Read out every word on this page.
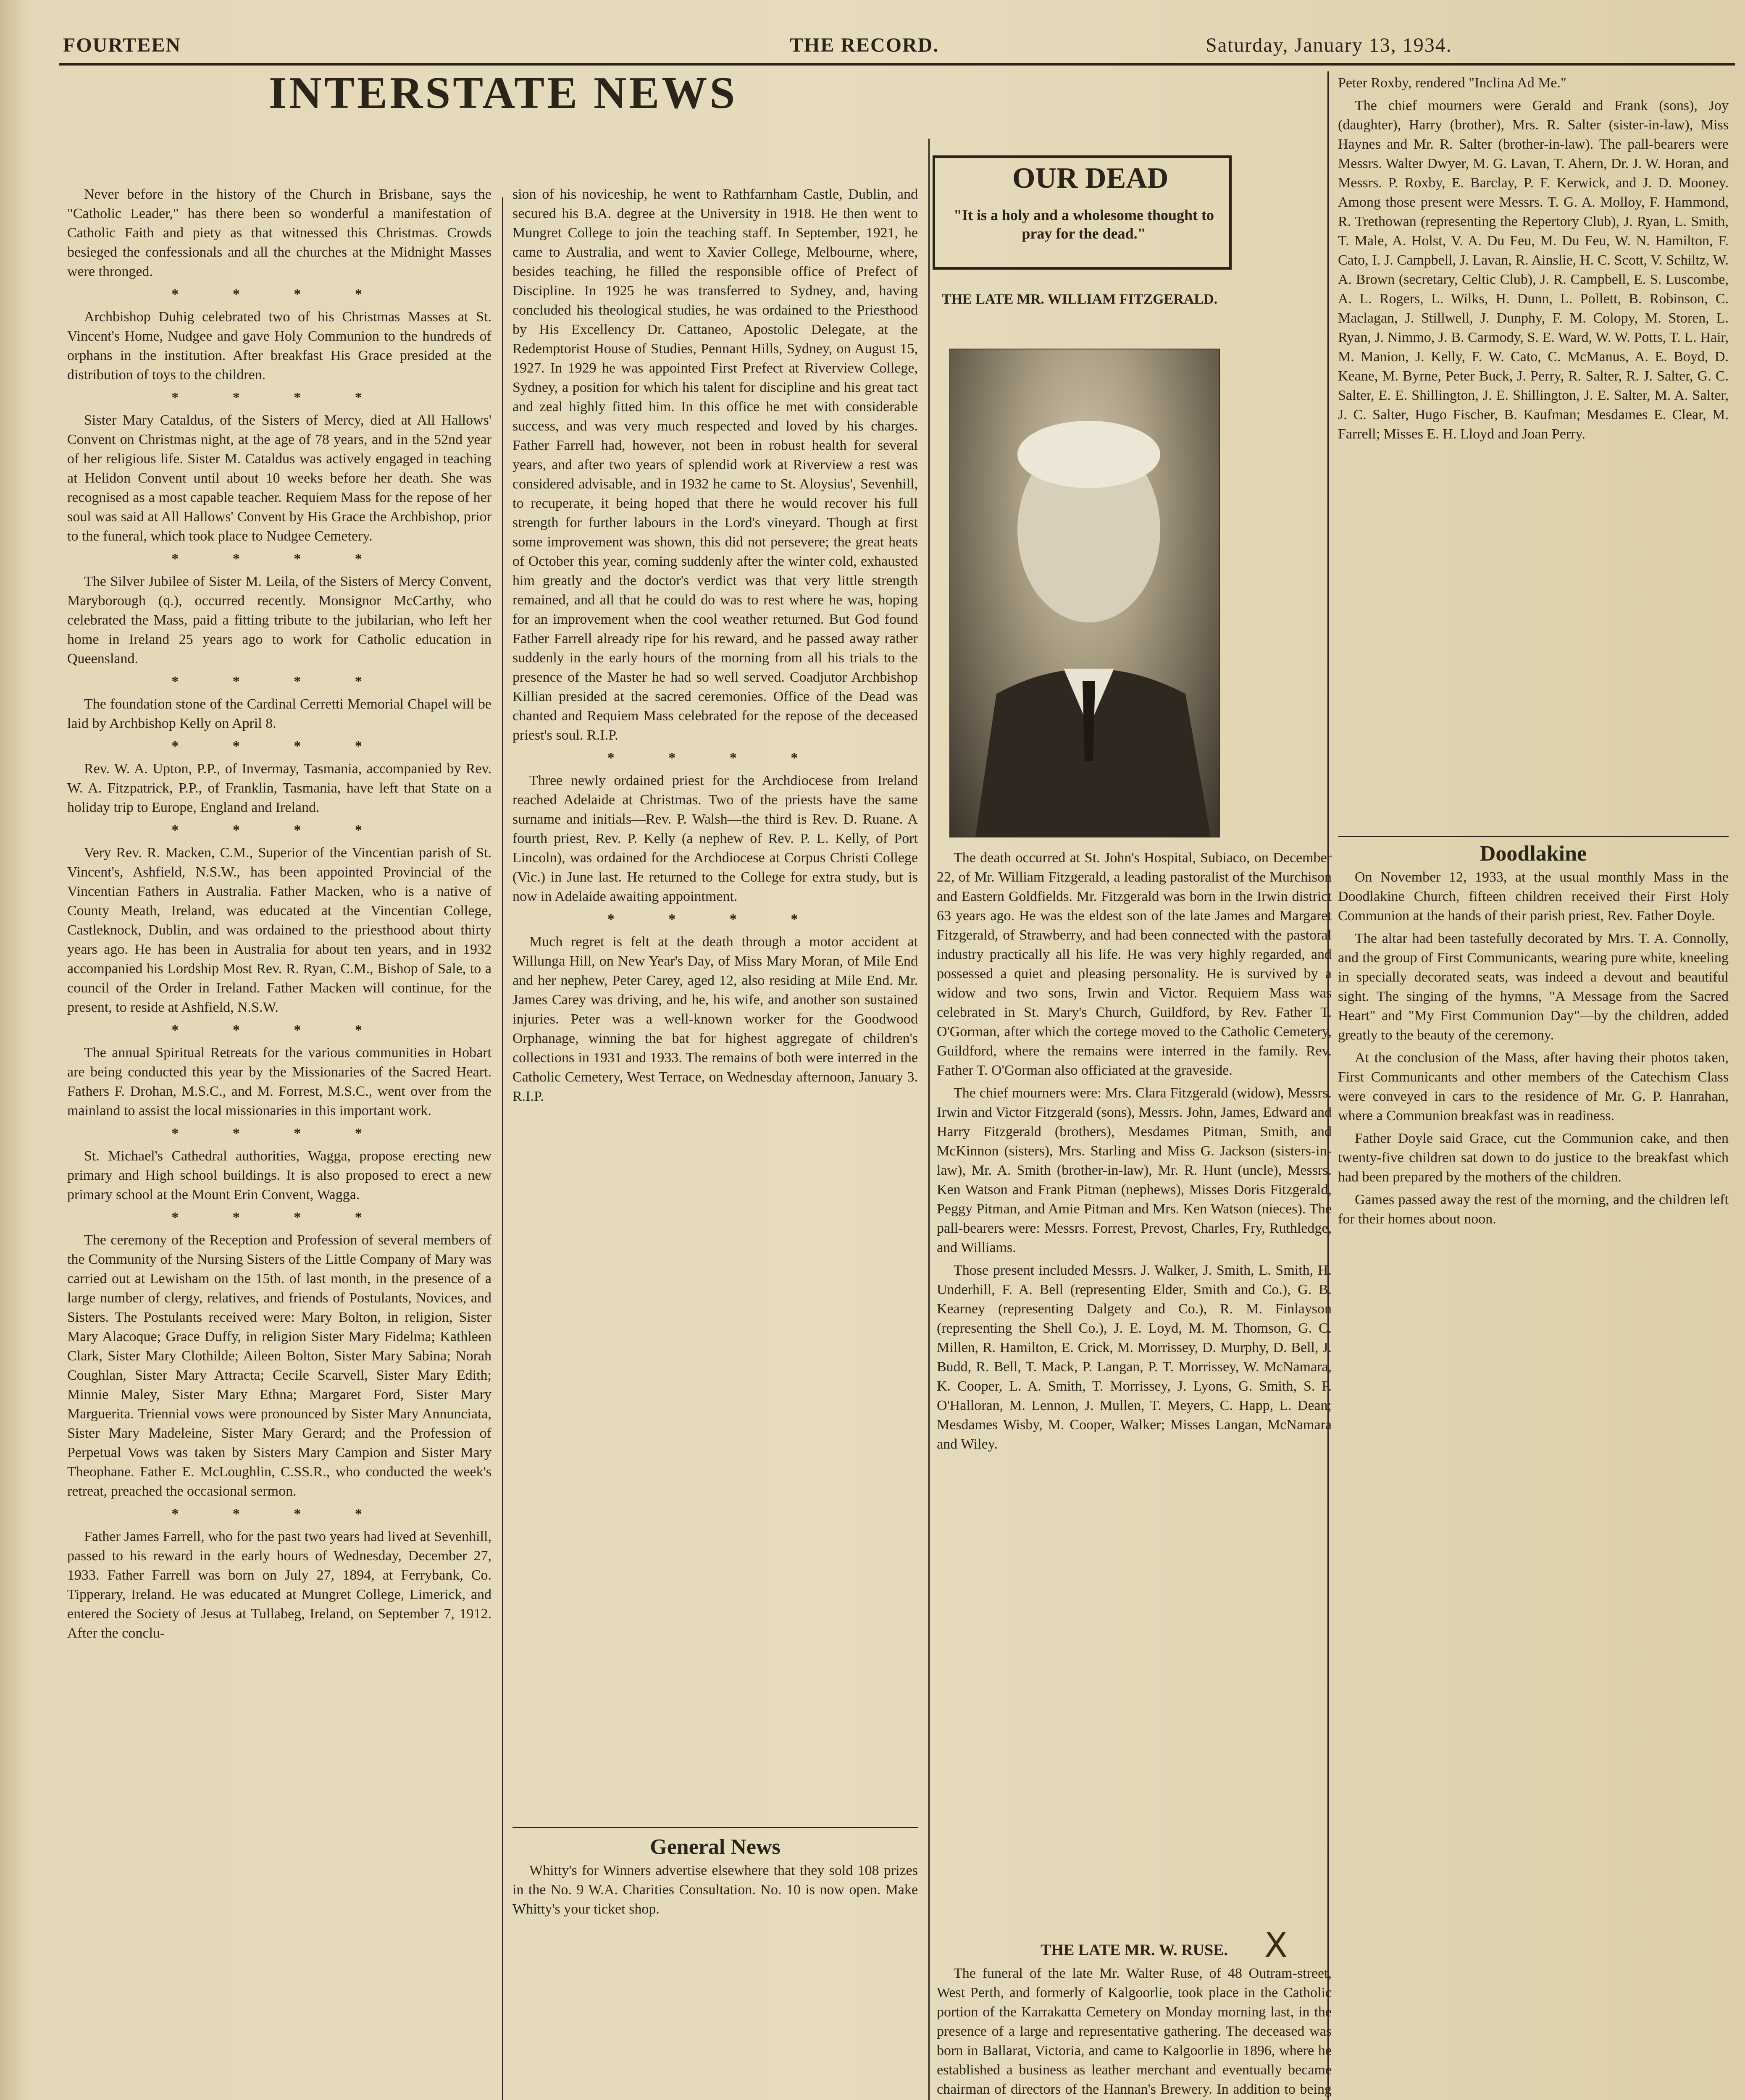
FOURTEEN	THE RECORD.	Saturday, January 13, 1934.
INTERSTATE NEWS

Never before in the history of the Church in Brisbane, says the "Catholic Leader," has there been so wonderful a manifestation of Catholic Faith and piety as that witnessed this Christmas. Crowds besieged the confessionals and all the churches at the Midnight Masses were thronged.

* * * *

Archbishop Duhig celebrated two of his Christmas Masses at St. Vincent's Home, Nudgee and gave Holy Communion to the hundreds of orphans in the institution. After breakfast His Grace presided at the distribution of toys to the children.

* * * *

Sister Mary Cataldus, of the Sisters of Mercy, died at All Hallows' Convent on Christmas night, at the age of 78 years, and in the 52nd year of her religious life. Sister M. Cataldus was actively engaged in teaching at Helidon Convent until about 10 weeks before her death. She was recognised as a most capable teacher. Requiem Mass for the repose of her soul was said at All Hallows' Convent by His Grace the Archbishop, prior to the funeral, which took place to Nudgee Cemetery.

* * * *

The Silver Jubilee of Sister M. Leila, of the Sisters of Mercy Convent, Maryborough (q.), occurred recently. Monsignor McCarthy, who celebrated the Mass, paid a fitting tribute to the jubilarian, who left her home in Ireland 25 years ago to work for Catholic education in Queensland.

* * * *

The foundation stone of the Cardinal Cerretti Memorial Chapel will be laid by Archbishop Kelly on April 8.

* * * *

Rev. W. A. Upton, P.P., of Invermay, Tasmania, accompanied by Rev. W. A. Fitzpatrick, P.P., of Franklin, Tasmania, have left that State on a holiday trip to Europe, England and Ireland.

* * * *

Very Rev. R. Macken, C.M., Superior of the Vincentian parish of St. Vincent's, Ashfield, N.S.W., has been appointed Provincial of the Vincentian Fathers in Australia. Father Macken, who is a native of County Meath, Ireland, was educated at the Vincentian College, Castleknock, Dublin, and was ordained to the priesthood about thirty years ago. He has been in Australia for about ten years, and in 1932 accompanied his Lordship Most Rev. R. Ryan, C.M., Bishop of Sale, to a council of the Order in Ireland. Father Macken will continue, for the present, to reside at Ashfield, N.S.W.

* * * *

The annual Spiritual Retreats for the various communities in Hobart are being conducted this year by the Missionaries of the Sacred Heart. Fathers F. Drohan, M.S.C., and M. Forrest, M.S.C., went over from the mainland to assist the local missionaries in this important work.

* * * *

St. Michael's Cathedral authorities, Wagga, propose erecting new primary and High school buildings. It is also proposed to erect a new primary school at the Mount Erin Convent, Wagga.

* * * *

The ceremony of the Reception and Profession of several members of the Community of the Nursing Sisters of the Little Company of Mary was carried out at Lewisham on the 15th. of last month, in the presence of a large number of clergy, relatives, and friends of Postulants, Novices, and Sisters. The Postulants received were: Mary Bolton, in religion, Sister Mary Alacoque; Grace Duffy, in religion Sister Mary Fidelma; Kathleen Clark, Sister Mary Clothilde; Aileen Bolton, Sister Mary Sabina; Norah Coughlan, Sister Mary Attracta; Cecile Scarvell, Sister Mary Edith; Minnie Maley, Sister Mary Ethna; Margaret Ford, Sister Mary Marguerita. Triennial vows were pronounced by Sister Mary Annunciata, Sister Mary Madeleine, Sister Mary Gerard; and the Profession of Perpetual Vows was taken by Sisters Mary Campion and Sister Mary Theophane. Father E. McLoughlin, C.SS.R., who conducted the week's retreat, preached the occasional sermon.

* * * *

Father James Farrell, who for the past two years had lived at Sevenhill, passed to his reward in the early hours of Wednesday, December 27, 1933. Father Farrell was born on July 27, 1894, at Ferrybank, Co. Tipperary, Ireland. He was educated at Mungret College, Limerick, and entered the Society of Jesus at Tullabeg, Ireland, on September 7, 1912. After the conclu-

sion of his noviceship, he went to Rathfarnham Castle, Dublin, and secured his B.A. degree at the University in 1918. He then went to Mungret College to join the teaching staff. In September, 1921, he came to Australia, and went to Xavier College, Melbourne, where, besides teaching, he filled the responsible office of Prefect of Discipline. In 1925 he was transferred to Sydney, and, having concluded his theological studies, he was ordained to the Priesthood by His Excellency Dr. Cattaneo, Apostolic Delegate, at the Redemptorist House of Studies, Pennant Hills, Sydney, on August 15, 1927. In 1929 he was appointed First Prefect at Riverview College, Sydney, a position for which his talent for discipline and his great tact and zeal highly fitted him. In this office he met with considerable success, and was very much respected and loved by his charges. Father Farrell had, however, not been in robust health for several years, and after two years of splendid work at Riverview a rest was considered advisable, and in 1932 he came to St. Aloysius', Sevenhill, to recuperate, it being hoped that there he would recover his full strength for further labours in the Lord's vineyard. Though at first some improvement was shown, this did not persevere; the great heats of October this year, coming suddenly after the winter cold, exhausted him greatly and the doctor's verdict was that very little strength remained, and all that he could do was to rest where he was, hoping for an improvement when the cool weather returned. But God found Father Farrell already ripe for his reward, and he passed away rather suddenly in the early hours of the morning from all his trials to the presence of the Master he had so well served. Coadjutor Archbishop Killian presided at the sacred ceremonies. Office of the Dead was chanted and Requiem Mass celebrated for the repose of the deceased priest's soul. R.I.P.

* * * *

Three newly ordained priest for the Archdiocese from Ireland reached Adelaide at Christmas. Two of the priests have the same surname and initials—Rev. P. Walsh—the third is Rev. D. Ruane. A fourth priest, Rev. P. Kelly (a nephew of Rev. P. L. Kelly, of Port Lincoln), was ordained for the Archdiocese at Corpus Christi College (Vic.) in June last. He returned to the College for extra study, but is now in Adelaide awaiting appointment.

* * * *

Much regret is felt at the death through a motor accident at Willunga Hill, on New Year's Day, of Miss Mary Moran, of Mile End and her nephew, Peter Carey, aged 12, also residing at Mile End. Mr. James Carey was driving, and he, his wife, and another son sustained injuries. Peter was a well-known worker for the Goodwood Orphanage, winning the bat for highest aggregate of children's collections in 1931 and 1933. The remains of both were interred in the Catholic Cemetery, West Terrace, on Wednesday afternoon, January 3. R.I.P.

General News

Whitty's for Winners advertise elsewhere that they sold 108 prizes in the No. 9 W.A. Charities Consultation. No. 10 is now open. Make Whitty's your ticket shop.

OUR DEAD
"It is a holy and a wholesome thought to pray for the dead."
THE LATE MR. WILLIAM FITZGERALD.

The death occurred at St. John's Hospital, Subiaco, on December 22, of Mr. William Fitzgerald, a leading pastoralist of the Murchison and Eastern Goldfields. Mr. Fitzgerald was born in the Irwin district 63 years ago. He was the eldest son of the late James and Margaret Fitzgerald, of Strawberry, and had been connected with the pastoral industry practically all his life. He was very highly regarded, and possessed a quiet and pleasing personality. He is survived by a widow and two sons, Irwin and Victor. Requiem Mass was celebrated in St. Mary's Church, Guildford, by Rev. Father T. O'Gorman, after which the cortege moved to the Catholic Cemetery, Guildford, where the remains were interred in the family. Rev. Father T. O'Gorman also officiated at the graveside.

The chief mourners were: Mrs. Clara Fitzgerald (widow), Messrs. Irwin and Victor Fitzgerald (sons), Messrs. John, James, Edward and Harry Fitzgerald (brothers), Mesdames Pitman, Smith, and McKinnon (sisters), Mrs. Starling and Miss G. Jackson (sisters-in-law), Mr. A. Smith (brother-in-law), Mr. R. Hunt (uncle), Messrs. Ken Watson and Frank Pitman (nephews), Misses Doris Fitzgerald, Peggy Pitman, and Amie Pitman and Mrs. Ken Watson (nieces). The pall-bearers were: Messrs. Forrest, Prevost, Charles, Fry, Ruthledge, and Williams.

Those present included Messrs. J. Walker, J. Smith, L. Smith, H. Underhill, F. A. Bell (representing Elder, Smith and Co.), G. B. Kearney (representing Dalgety and Co.), R. M. Finlayson (representing the Shell Co.), J. E. Loyd, M. M. Thomson, G. C. Millen, R. Hamilton, E. Crick, M. Morrissey, D. Murphy, D. Bell, J. Budd, R. Bell, T. Mack, P. Langan, P. T. Morrissey, W. McNamara, K. Cooper, L. A. Smith, T. Morrissey, J. Lyons, G. Smith, S. P. O'Halloran, M. Lennon, J. Mullen, T. Meyers, C. Happ, L. Dean; Mesdames Wisby, M. Cooper, Walker; Misses Langan, McNamara and Wiley.

X
THE LATE MR. W. RUSE.

The funeral of the late Mr. Walter Ruse, of 48 Outram-street, West Perth, and formerly of Kalgoorlie, took place in the Catholic portion of the Karrakatta Cemetery on Monday morning last, in the presence of a large and representative gathering. The deceased was born in Ballarat, Victoria, and came to Kalgoorlie in 1896, where he established a business as leather merchant and eventually became chairman of directors of the Hannan's Brewery. In addition to being

Peter Roxby, rendered "Inclina Ad Me."

The chief mourners were Gerald and Frank (sons), Joy (daughter), Harry (brother), Mrs. R. Salter (sister-in-law), Miss Haynes and Mr. R. Salter (brother-in-law). The pall-bearers were Messrs. Walter Dwyer, M. G. Lavan, T. Ahern, Dr. J. W. Horan, and Messrs. P. Roxby, E. Barclay, P. F. Kerwick, and J. D. Mooney. Among those present were Messrs. T. G. A. Molloy, F. Hammond, R. Trethowan (representing the Repertory Club), J. Ryan, L. Smith, T. Male, A. Holst, V. A. Du Feu, M. Du Feu, W. N. Hamilton, F. Cato, I. J. Campbell, J. Lavan, R. Ainslie, H. C. Scott, V. Schiltz, W. A. Brown (secretary, Celtic Club), J. R. Campbell, E. S. Luscombe, A. L. Rogers, L. Wilks, H. Dunn, L. Pollett, B. Robinson, C. Maclagan, J. Stillwell, J. Dunphy, F. M. Colopy, M. Storen, L. Ryan, J. Nimmo, J. B. Carmody, S. E. Ward, W. W. Potts, T. L. Hair, M. Manion, J. Kelly, F. W. Cato, C. McManus, A. E. Boyd, D. Keane, M. Byrne, Peter Buck, J. Perry, R. Salter, R. J. Salter, G. C. Salter, E. E. Shillington, J. E. Shillington, J. E. Salter, M. A. Salter, J. C. Salter, Hugo Fischer, B. Kaufman; Mesdames E. Clear, M. Farrell; Misses E. H. Lloyd and Joan Perry.

Doodlakine

On November 12, 1933, at the usual monthly Mass in the Doodlakine Church, fifteen children received their First Holy Communion at the hands of their parish priest, Rev. Father Doyle.

The altar had been tastefully decorated by Mrs. T. A. Connolly, and the group of First Communicants, wearing pure white, kneeling in specially decorated seats, was indeed a devout and beautiful sight. The singing of the hymns, "A Message from the Sacred Heart" and "My First Communion Day"—by the children, added greatly to the beauty of the ceremony.

At the conclusion of the Mass, after having their photos taken, First Communicants and other members of the Catechism Class were conveyed in cars to the residence of Mr. G. P. Hanrahan, where a Communion breakfast was in readiness.

Father Doyle said Grace, cut the Communion cake, and then twenty-five children sat down to do justice to the breakfast which had been prepared by the mothers of the children.

Games passed away the rest of the morning, and the children left for their homes about noon.
